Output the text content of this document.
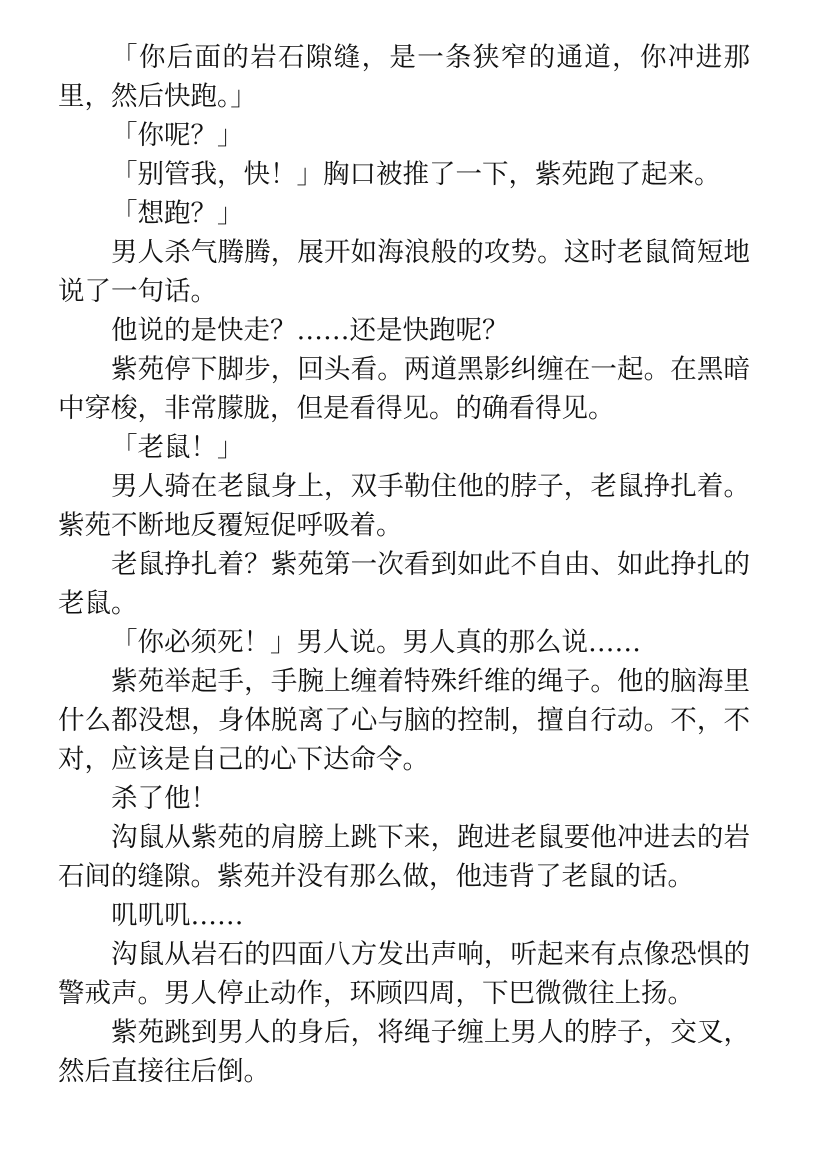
「你后面的岩石隙缝，是一条狭窄的通道，你冲进那里，然后快跑。」

「你呢？」

「别管我，快！」胸口被推了一下，紫苑跑了起来。

「想跑？」

男人杀气腾腾，展开如海浪般的攻势。这时老鼠简短地说了一句话。

他说的是快走？……还是快跑呢？

紫苑停下脚步，回头看。两道黑影纠缠在一起。在黑暗中穿梭，非常朦胧，但是看得见。的确看得见。

「老鼠！」

男人骑在老鼠身上，双手勒住他的脖子，老鼠挣扎着。紫苑不断地反覆短促呼吸着。

老鼠挣扎着？紫苑第一次看到如此不自由、如此挣扎的老鼠。

「你必须死！」男人说。男人真的那么说……

紫苑举起手，手腕上缠着特殊纤维的绳子。他的脑海里什么都没想，身体脱离了心与脑的控制，擅自行动。不，不对，应该是自己的心下达命令。

杀了他！

沟鼠从紫苑的肩膀上跳下来，跑进老鼠要他冲进去的岩石间的缝隙。紫苑并没有那么做，他违背了老鼠的话。

叽叽叽……

沟鼠从岩石的四面八方发出声响，听起来有点像恐惧的警戒声。男人停止动作，环顾四周，下巴微微往上扬。

紫苑跳到男人的身后，将绳子缠上男人的脖子，交叉，然后直接往后倒。
